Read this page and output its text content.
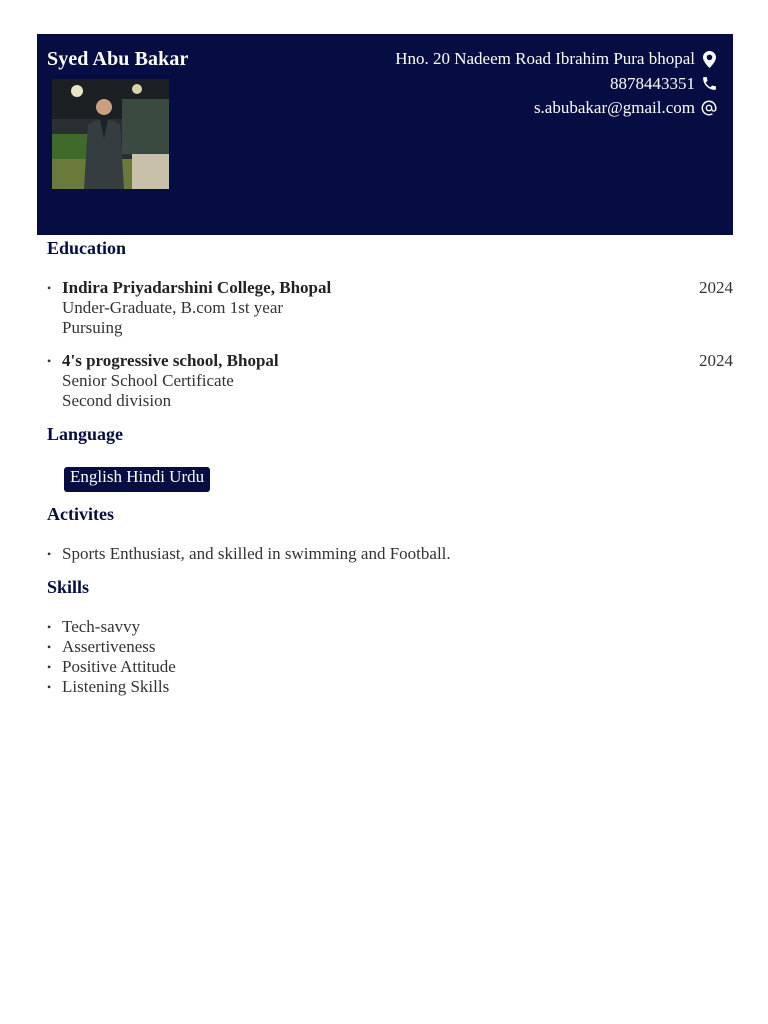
Syed Abu Bakar	Hno. 20 Nadeem Road Ibrahim Pura bhopal
8878443351
s.abubakar@gmail.com
Education
• Indira Priyadarshini College, Bhopal
Under-Graduate, B.com 1st year
Pursuing
2024
• 4's progressive school, Bhopal
Senior School Certificate
Second division
2024
Language
English Hindi Urdu
Activites
• Sports Enthusiast, and skilled in swimming and Football.
Skills
• Tech-savvy
• Assertiveness
• Positive Attitude
• Listening Skills
